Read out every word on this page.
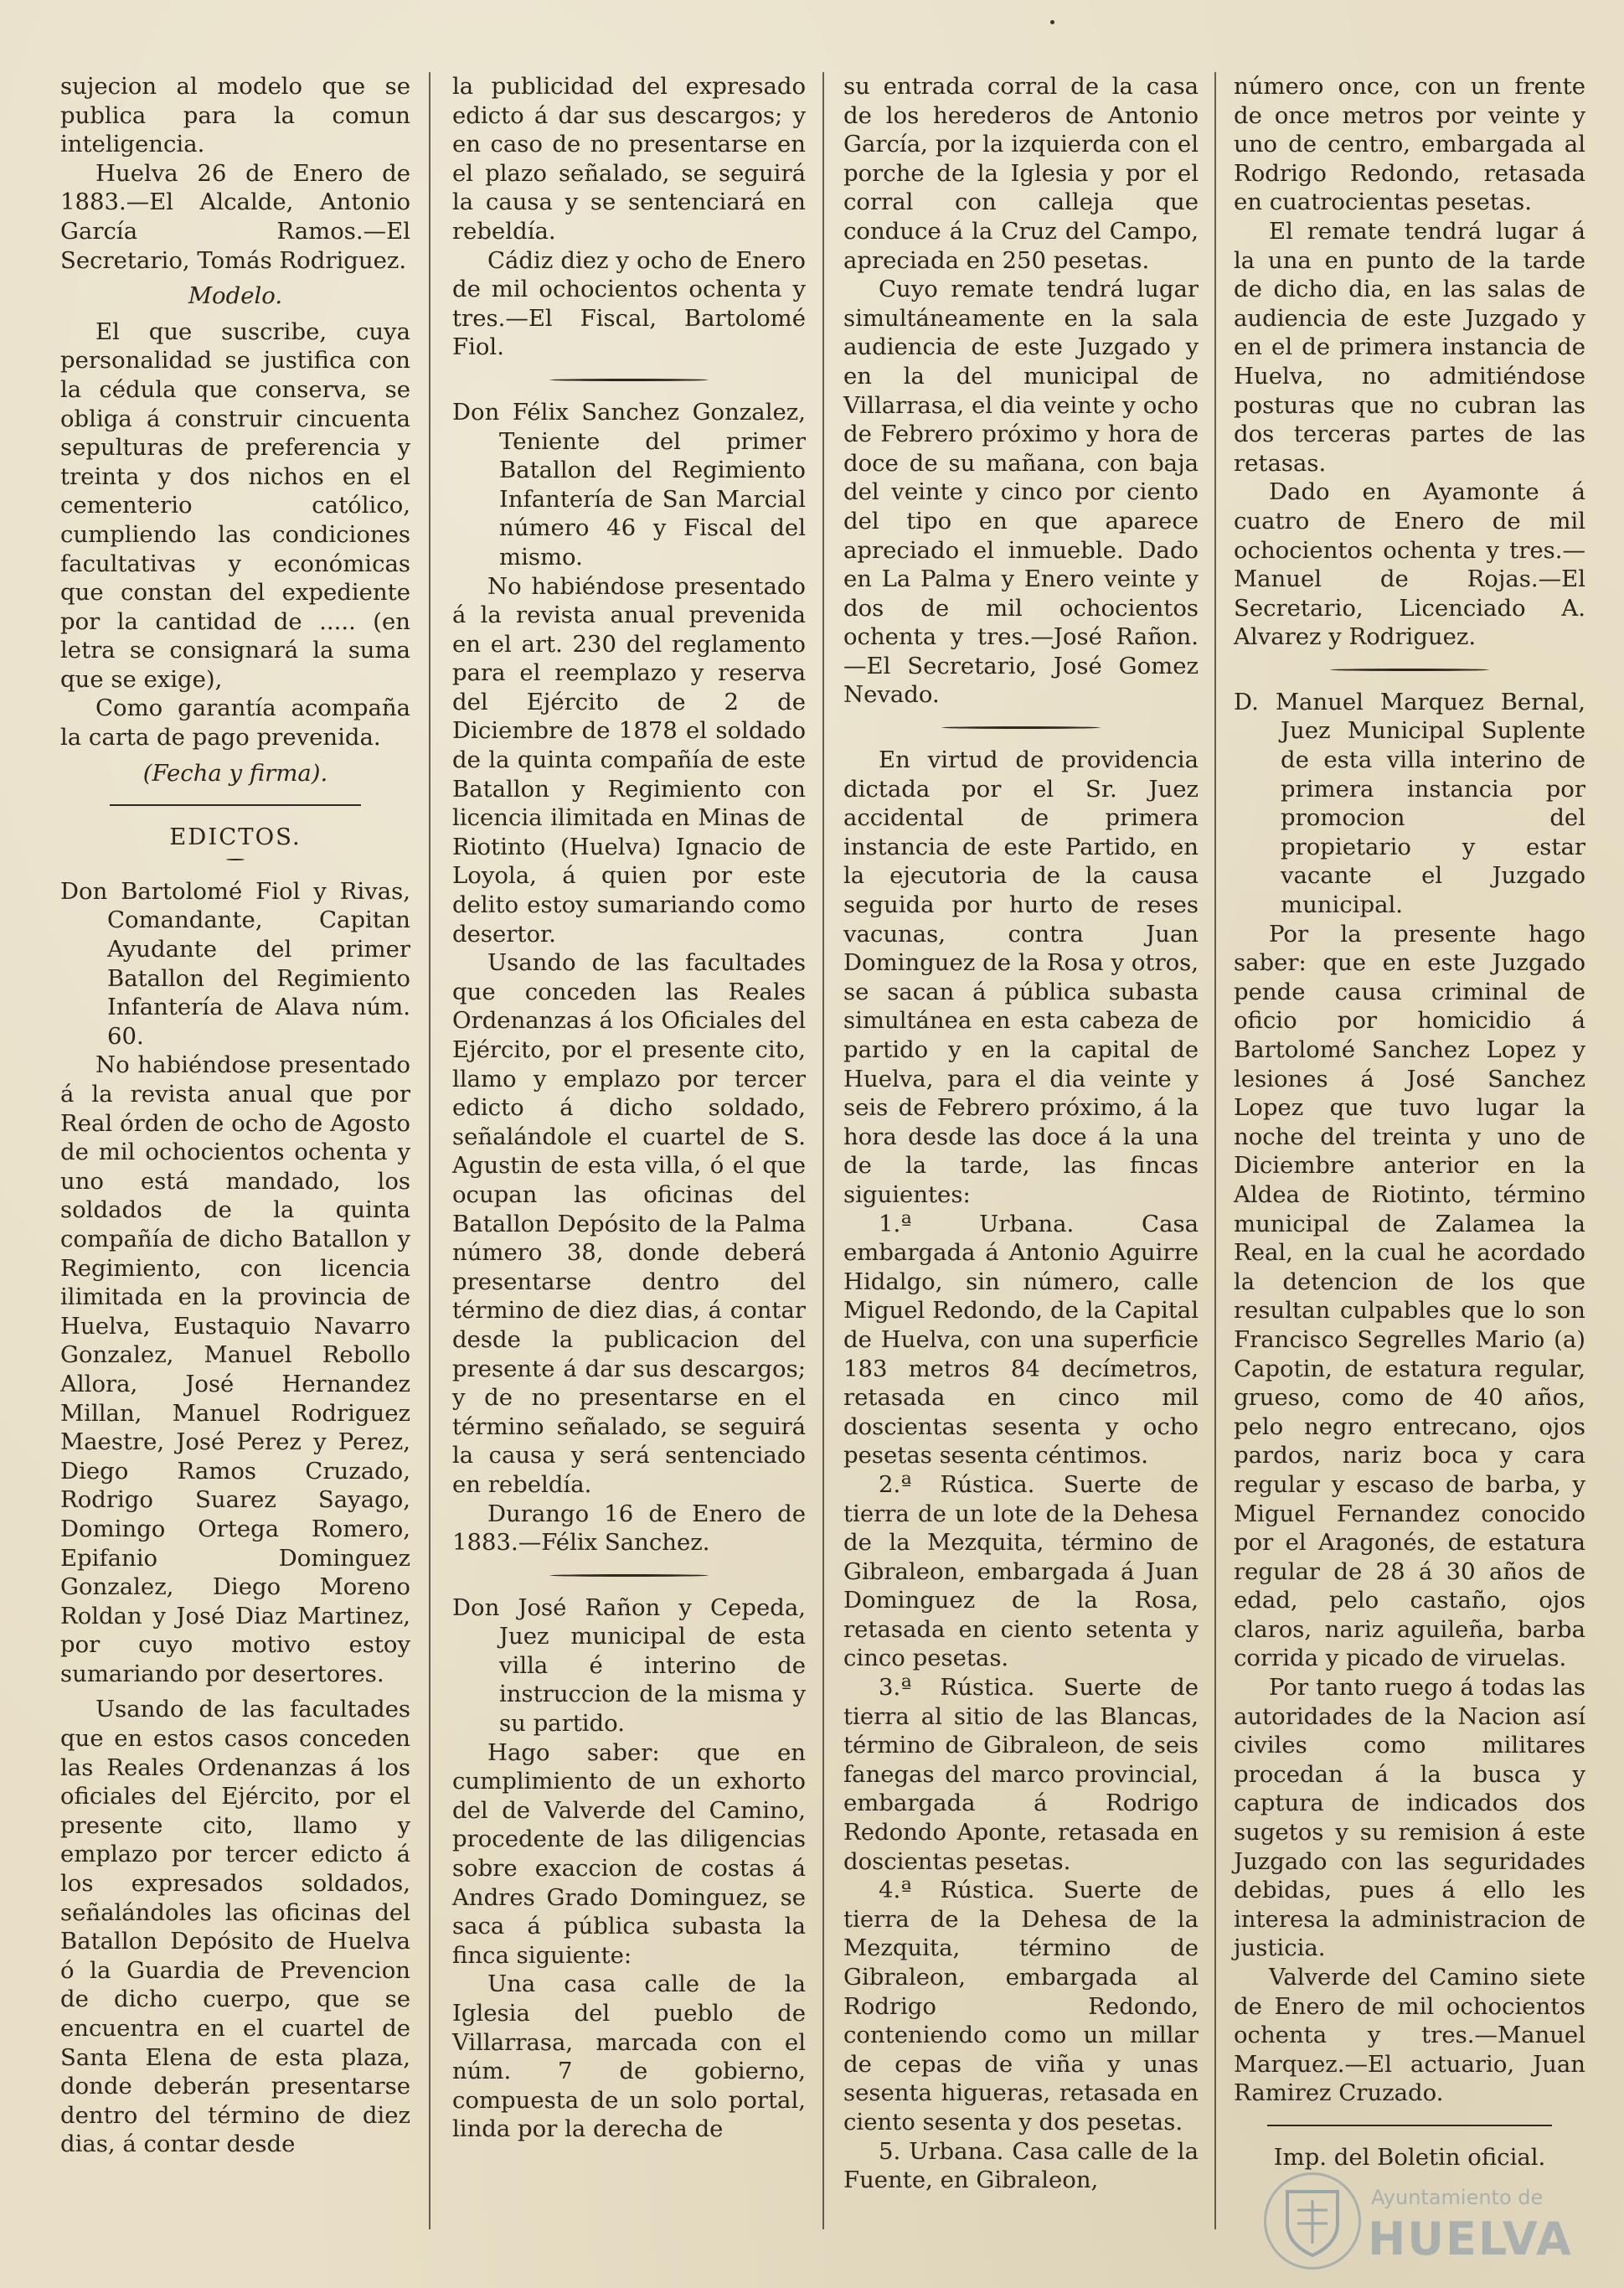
sujecion al modelo que se publica para la comun inteligencia.

Huelva 26 de Enero de 1883.—El Alcalde, Antonio García Ramos.—El Secretario, Tomás Rodriguez.

Modelo.

El que suscribe, cuya personalidad se justifica con la cédula que conserva, se obliga á construir cincuenta sepulturas de preferencia y treinta y dos nichos en el cementerio católico, cumpliendo las condiciones facultativas y económicas que constan del expediente por la cantidad de ..... (en letra se consignará la suma que se exige),

Como garantía acompaña la carta de pago prevenida.

(Fecha y firma).

EDICTOS.

Don Bartolomé Fiol y Rivas, Comandante, Capitan Ayudante del primer Batallon del Regimiento Infantería de Alava núm. 60.

No habiéndose presentado á la revista anual que por Real órden de ocho de Agosto de mil ochocientos ochenta y uno está mandado, los soldados de la quinta compañía de dicho Batallon y Regimiento, con licencia ilimitada en la provincia de Huelva, Eustaquio Navarro Gonzalez, Manuel Rebollo Allora, José Hernandez Millan, Manuel Rodriguez Maestre, José Perez y Perez, Diego Ramos Cruzado, Rodrigo Suarez Sayago, Domingo Ortega Romero, Epifanio Dominguez Gonzalez, Diego Moreno Roldan y José Diaz Martinez, por cuyo motivo estoy sumariando por desertores.

Usando de las facultades que en estos casos conceden las Reales Ordenanzas á los oficiales del Ejército, por el presente cito, llamo y emplazo por tercer edicto á los expresados soldados, señalándoles las oficinas del Batallon Depósito de Huelva ó la Guardia de Prevencion de dicho cuerpo, que se encuentra en el cuartel de Santa Elena de esta plaza, donde deberán presentarse dentro del término de diez dias, á contar desde

la publicidad del expresado edicto á dar sus descargos; y en caso de no presentarse en el plazo señalado, se seguirá la causa y se sentenciará en rebeldía.

Cádiz diez y ocho de Enero de mil ochocientos ochenta y tres.—El Fiscal, Bartolomé Fiol.

Don Félix Sanchez Gonzalez, Teniente del primer Batallon del Regimiento Infantería de San Marcial número 46 y Fiscal del mismo.

No habiéndose presentado á la revista anual prevenida en el art. 230 del reglamento para el reemplazo y reserva del Ejército de 2 de Diciembre de 1878 el soldado de la quinta compañía de este Batallon y Regimiento con licencia ilimitada en Minas de Riotinto (Huelva) Ignacio de Loyola, á quien por este delito estoy sumariando como desertor.

Usando de las facultades que conceden las Reales Ordenanzas á los Oficiales del Ejército, por el presente cito, llamo y emplazo por tercer edicto á dicho soldado, señalándole el cuartel de S. Agustin de esta villa, ó el que ocupan las oficinas del Batallon Depósito de la Palma número 38, donde deberá presentarse dentro del término de diez dias, á contar desde la publicacion del presente á dar sus descargos; y de no presentarse en el término señalado, se seguirá la causa y será sentenciado en rebeldía.

Durango 16 de Enero de 1883.—Félix Sanchez.

Don José Rañon y Cepeda, Juez municipal de esta villa é interino de instruccion de la misma y su partido.

Hago saber: que en cumplimiento de un exhorto del de Valverde del Camino, procedente de las diligencias sobre exaccion de costas á Andres Grado Dominguez, se saca á pública subasta la finca siguiente:

Una casa calle de la Iglesia del pueblo de Villarrasa, marcada con el núm. 7 de gobierno, compuesta de un solo portal, linda por la derecha de

su entrada corral de la casa de los herederos de Antonio García, por la izquierda con el porche de la Iglesia y por el corral con calleja que conduce á la Cruz del Campo, apreciada en 250 pesetas.

Cuyo remate tendrá lugar simultáneamente en la sala audiencia de este Juzgado y en la del municipal de Villarrasa, el dia veinte y ocho de Febrero próximo y hora de doce de su mañana, con baja del veinte y cinco por ciento del tipo en que aparece apreciado el inmueble. Dado en La Palma y Enero veinte y dos de mil ochocientos ochenta y tres.—José Rañon.—El Secretario, José Gomez Nevado.

En virtud de providencia dictada por el Sr. Juez accidental de primera instancia de este Partido, en la ejecutoria de la causa seguida por hurto de reses vacunas, contra Juan Dominguez de la Rosa y otros, se sacan á pública subasta simultánea en esta cabeza de partido y en la capital de Huelva, para el dia veinte y seis de Febrero próximo, á la hora desde las doce á la una de la tarde, las fincas siguientes:

1.ª Urbana. Casa embargada á Antonio Aguirre Hidalgo, sin número, calle Miguel Redondo, de la Capital de Huelva, con una superficie 183 metros 84 decímetros, retasada en cinco mil doscientas sesenta y ocho pesetas sesenta céntimos.

2.ª Rústica. Suerte de tierra de un lote de la Dehesa de la Mezquita, término de Gibraleon, embargada á Juan Dominguez de la Rosa, retasada en ciento setenta y cinco pesetas.

3.ª Rústica. Suerte de tierra al sitio de las Blancas, término de Gibraleon, de seis fanegas del marco provincial, embargada á Rodrigo Redondo Aponte, retasada en doscientas pesetas.

4.ª Rústica. Suerte de tierra de la Dehesa de la Mezquita, término de Gibraleon, embargada al Rodrigo Redondo, conteniendo como un millar de cepas de viña y unas sesenta higueras, retasada en ciento sesenta y dos pesetas.

5. Urbana. Casa calle de la Fuente, en Gibraleon,

número once, con un frente de once metros por veinte y uno de centro, embargada al Rodrigo Redondo, retasada en cuatrocientas pesetas.

El remate tendrá lugar á la una en punto de la tarde de dicho dia, en las salas de audiencia de este Juzgado y en el de primera instancia de Huelva, no admitiéndose posturas que no cubran las dos terceras partes de las retasas.

Dado en Ayamonte á cuatro de Enero de mil ochocientos ochenta y tres.—Manuel de Rojas.—El Secretario, Licenciado A. Alvarez y Rodriguez.

D. Manuel Marquez Bernal, Juez Municipal Suplente de esta villa interino de primera instancia por promocion del propietario y estar vacante el Juzgado municipal.

Por la presente hago saber: que en este Juzgado pende causa criminal de oficio por homicidio á Bartolomé Sanchez Lopez y lesiones á José Sanchez Lopez que tuvo lugar la noche del treinta y uno de Diciembre anterior en la Aldea de Riotinto, término municipal de Zalamea la Real, en la cual he acordado la detencion de los que resultan culpables que lo son Francisco Segrelles Mario (a) Capotin, de estatura regular, grueso, como de 40 años, pelo negro entrecano, ojos pardos, nariz boca y cara regular y escaso de barba, y Miguel Fernandez conocido por el Aragonés, de estatura regular de 28 á 30 años de edad, pelo castaño, ojos claros, nariz aguileña, barba corrida y picado de viruelas.

Por tanto ruego á todas las autoridades de la Nacion así civiles como militares procedan á la busca y captura de indicados dos sugetos y su remision á este Juzgado con las seguridades debidas, pues á ello les interesa la administracion de justicia.

Valverde del Camino siete de Enero de mil ochocientos ochenta y tres.—Manuel Marquez.—El actuario, Juan Ramirez Cruzado.

Imp. del Boletin oficial.

Ayuntamiento de
HUELVA
